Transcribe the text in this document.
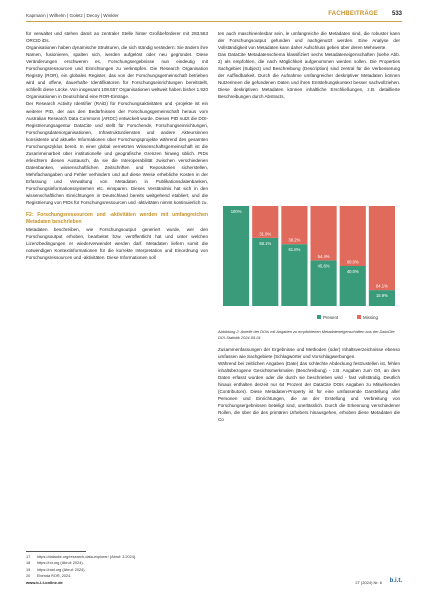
Kapmann | Wilhelm | Goletz | Decoy | Winkler	FACHBEITRÄGE 533

für verwaltet und stehen damit an zentraler Stelle hinter Großbeförderer mit 283.563 ORCID iDs.

Organisationen haben dynamische Strukturen, die sich ständig verändern: Sie ändern ihre Namen, fusionieren, spalten sich, werden aufgelöst oder neu gegründet. Diese Veränderungen erschweren es, Forschungsergebnisse nun eindeutig mit Forschungsressourcen und Einrichtungen zu verknüpfen. Die Research Organisation Registry (ROR), ein globales Register, das von der Forschungsgemeinschaft betrieben wird und offene, dauerhafte Identifikatoren für Forschungseinrichtungen bereitstellt, schließt diese Lücke. Von insgesamt 108.557 Organisationen weltweit haben bisher 1.920 Organisationen in Deutschland eine ROR-Eintrage.

Der Research Activity Identifier (RAiD) für Forschungsaktivitäten und -projekte ist ein weiterer PID, der aus den Bedürfnissen der Forschungsgemeinschaft heraus vom Australian Research Data Commons (ARDC) entwickelt wurde. Dieses PID nutzt die DOI-Registrierungsagentur DataCite und stellt für Forschende, Forschungseinrichtungen, Forschungsdatenorganisationen, Infrastrukturdiensten und andere Akteursinnen konsistente und aktuelle Informationen über Forschungsprojekte während des gesamten Forschungszyklus bereit. In einer global vernetzten Wissenschaftsgemeinschaft ist die Zusammenarbeit über institutionelle und geografische Grenzen hinweg üblich. PIDs erleichtern diesen Austausch, da sie die Interoperabilität zwischen verschiedenen Datenbanken, wissenschaftlichen Zeitschriften und Repositorien sicherstellen, Mehrfachangaben und Fehler verhindern und auf diese Weise erhebliche Kosten in der Erfassung und Verwaltung von Metadaten in Publikationsdatenbanken, Forschungsinformationssystemen etc. einsparen. Dieses Verständnis hat sich in den wissenschaftlichen Einrichtungen in Deutschland bereits weitgehend etabliert, und die Registrierung von PIDs für Forschungsressourcen und -aktivitäten nimmt kontinuierlich zu.

F2: Forschungsressourcen und -aktivitäten werden mit umfangreichen Metadaten beschrieben

Metadaten beschreiben, wie Forschungsoutput generiert wurde, wer den Forschungsoutput erhoben, bearbeitet bzw. veröffentlicht hat und unter welchen Lizenzbedingungen er wiederverwendet werden darf. Metadaten liefern somit die notwendigen Kontextinformationen für die korrekte Interpretation und Einordnung von Forschungsressourcen und -aktivitäten. Diese Informationen soll

ten auch maschinenlesbar sein, le umfangreiche die Metadaten sind, die robuster kann der Forschungsoutput gefunden und nachgenutzt werden. Eine Analyse der Vollständigkeit von Metadaten kann daher Aufschluss geben über deren Mehrwerte.

Das DataCite Metadatenschema klassifiziert sechs Metadateneigenschaften (siehe Abb. 2) als empfohlen, die nach Möglichkeit aufgenommen werden sollen. Die Properties Sachgebiet (Subject) und Beschreibung (Description) sind zentral für die Verbesserung der Auffindbarkeit. Durch die Aufnahme umfangreicher deskriptiver Metadaten können Nutzerinnen die gefundenen Daten und ihren Entstehungskontext besser nachvollziehen. Diese deskriptiven Metadaten können inhaltliche Erschließungen, z.B. detaillierte Beschreibungen durch Abstracts,

100%
68.1%
31.9%
61.8%
38.2%
45.6%
54.4%
40.0%
60.0%
15.9%
84.1%
Present	Missing

Abbildung 2: Anteile der DOIs mit Angaben zu empfohlenen Metadateneigenschaften aus der DataCite DOI-Statistik 2024-05-01

Zusammenfassungen der Ergebnisse und Methoden (oder) Inhaltsverzeichnisse ebenso umfassen wie Sachgebiete (Schlagwörter und Vorschlagwerbungen.

Während bei zeitlichen Angaben (Date) das schlechte Abdeckung festzustellen ist, fehlen inhaltsbezogene Gesichtsmerkmalen (Beschreibung) - z.B. Angaben zum Ort, an dem Daten erfasst wurden oder die durch sie beschrieben wird - fast vollständig. Deutlich hinaus enthalten derzeit nur 64 Prozent der DataCite DOIs Angaben zu Mitwirkenden (Contributors). Diese Metadaten-Property ist für eine umfassende Darstellung aller Personen und Einrichtungen, die an der Erstellung und Verbreitung von Forschungsergebnissen beteiligt sind, unerlässlich. Durch die Erkennung verschiedener Rollen, die über die des primären Urhebers hinausgehen, erhoben diese Metadaten die Co

17 https://datacite.org/research-data-explorer/ (Abruf: 3.2024).
18 https://ror.org (Abruf: 2024).
19 https://raid.org (Abruf: 2024).
20 Ebenda ROR, 2024.
www.b-i-t-online.de	27 (2024) Nr. 6 b.i.t.
